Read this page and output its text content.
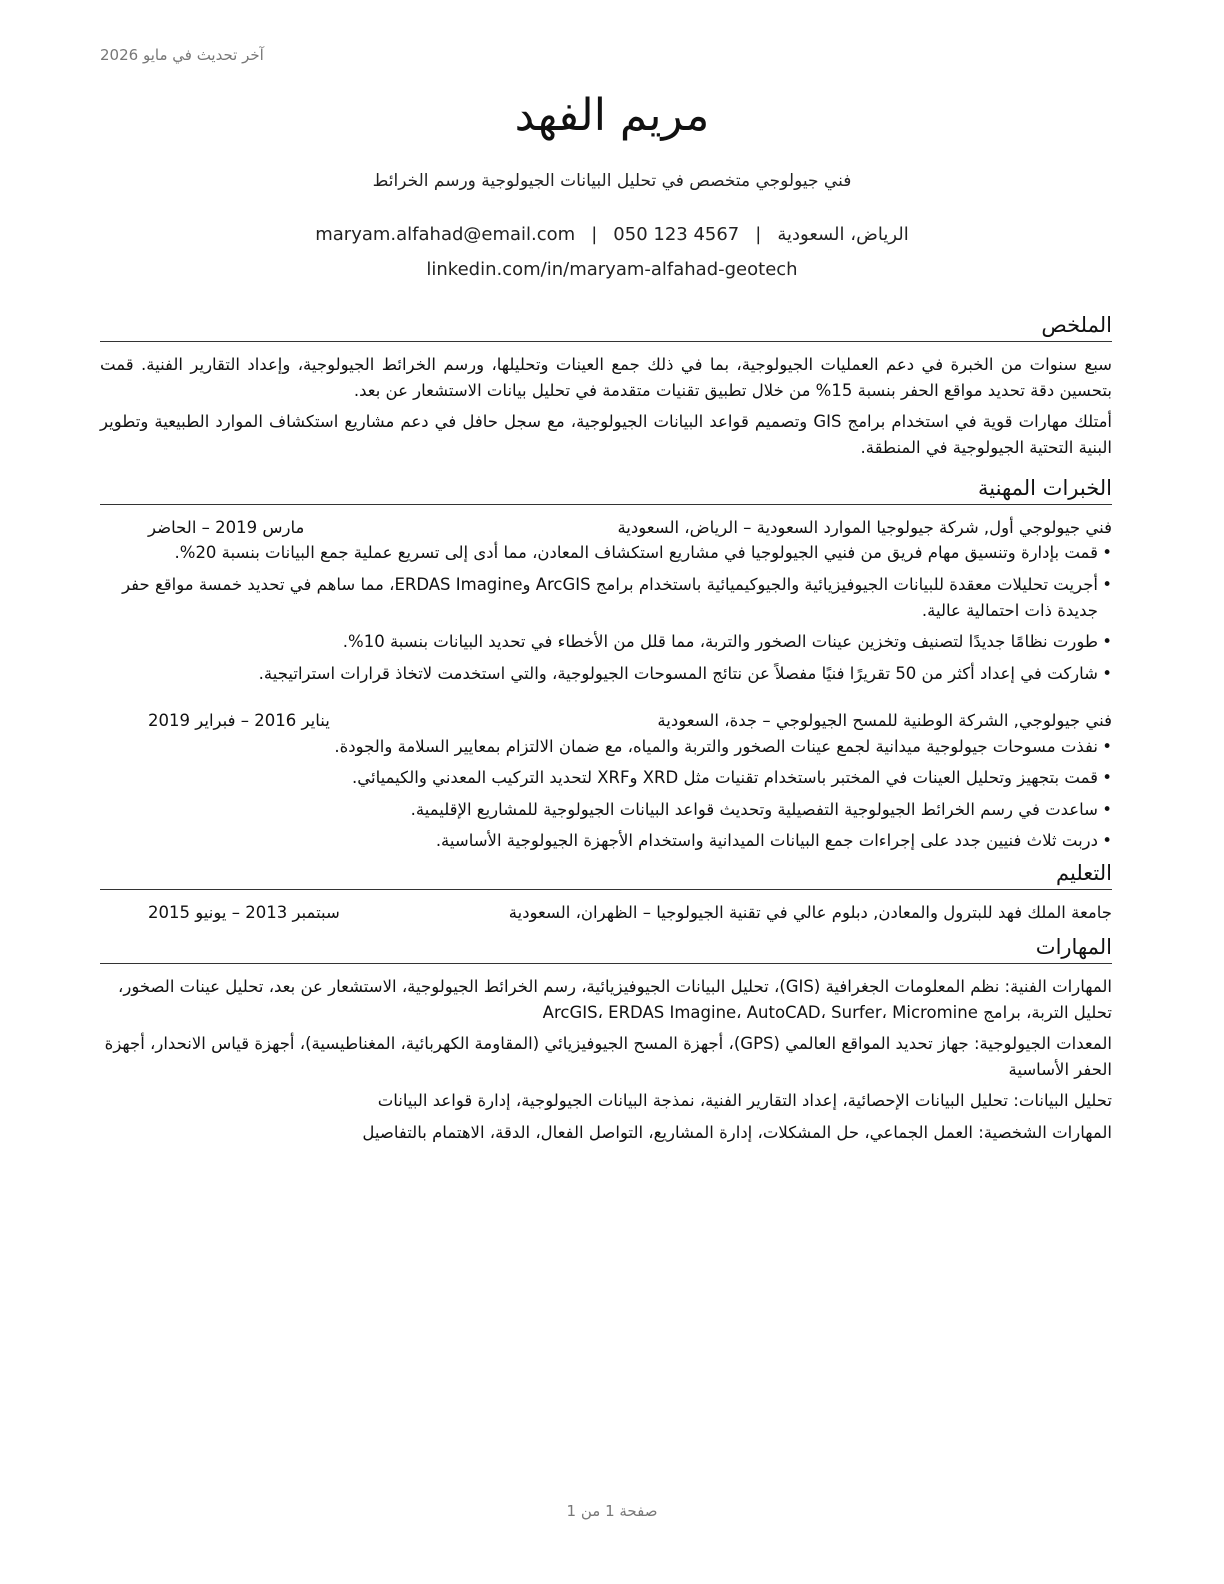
آخر تحديث في مايو 2026
مريم الفهد
فني جيولوجي متخصص في تحليل البيانات الجيولوجية ورسم الخرائط
الرياض، السعودية|maryam.alfahad@email.com | 050 123 4567
linkedin.com/in/maryam-alfahad-geotech
الملخص

سبع سنوات من الخبرة في دعم العمليات الجيولوجية، بما في ذلك جمع العينات وتحليلها، ورسم الخرائط الجيولوجية، وإعداد التقارير الفنية. قمت بتحسين دقة تحديد مواقع الحفر بنسبة 15% من خلال تطبيق تقنيات متقدمة في تحليل بيانات الاستشعار عن بعد.

أمتلك مهارات قوية في استخدام برامج GIS وتصميم قواعد البيانات الجيولوجية، مع سجل حافل في دعم مشاريع استكشاف الموارد الطبيعية وتطوير البنية التحتية الجيولوجية في المنطقة.

الخبرات المهنية
فني جيولوجي أول, شركة جيولوجيا الموارد السعودية – الرياض، السعودية
مارس 2019 – الحاضر
• قمت بإدارة وتنسيق مهام فريق من فنيي الجيولوجيا في مشاريع استكشاف المعادن، مما أدى إلى تسريع عملية جمع البيانات بنسبة 20%.
• أجريت تحليلات معقدة للبيانات الجيوفيزيائية والجيوكيميائية باستخدام برامج ArcGIS وERDAS Imagine، مما ساهم في تحديد خمسة مواقع حفر جديدة ذات احتمالية عالية.
• طورت نظامًا جديدًا لتصنيف وتخزين عينات الصخور والتربة، مما قلل من الأخطاء في تحديد البيانات بنسبة 10%.
• شاركت في إعداد أكثر من 50 تقريرًا فنيًا مفصلاً عن نتائج المسوحات الجيولوجية، والتي استخدمت لاتخاذ قرارات استراتيجية.
فني جيولوجي, الشركة الوطنية للمسح الجيولوجي – جدة، السعودية
يناير 2016 – فبراير 2019
• نفذت مسوحات جيولوجية ميدانية لجمع عينات الصخور والتربة والمياه، مع ضمان الالتزام بمعايير السلامة والجودة.
• قمت بتجهيز وتحليل العينات في المختبر باستخدام تقنيات مثل XRD وXRF لتحديد التركيب المعدني والكيميائي.
• ساعدت في رسم الخرائط الجيولوجية التفصيلية وتحديث قواعد البيانات الجيولوجية للمشاريع الإقليمية.
• دربت ثلاث فنيين جدد على إجراءات جمع البيانات الميدانية واستخدام الأجهزة الجيولوجية الأساسية.
التعليم
جامعة الملك فهد للبترول والمعادن, دبلوم عالي في تقنية الجيولوجيا – الظهران، السعودية
سبتمبر 2013 – يونيو 2015
المهارات

المهارات الفنية: نظم المعلومات الجغرافية (GIS)، تحليل البيانات الجيوفيزيائية، رسم الخرائط الجيولوجية، الاستشعار عن بعد، تحليل عينات الصخور، تحليل التربة، برامج ArcGIS، ERDAS Imagine، AutoCAD، Surfer، Micromine

المعدات الجيولوجية: جهاز تحديد المواقع العالمي (GPS)، أجهزة المسح الجيوفيزيائي (المقاومة الكهربائية، المغناطيسية)، أجهزة قياس الانحدار، أجهزة الحفر الأساسية

تحليل البيانات: تحليل البيانات الإحصائية، إعداد التقارير الفنية، نمذجة البيانات الجيولوجية، إدارة قواعد البيانات

المهارات الشخصية: العمل الجماعي، حل المشكلات، إدارة المشاريع، التواصل الفعال، الدقة، الاهتمام بالتفاصيل

صفحة 1 من 1
